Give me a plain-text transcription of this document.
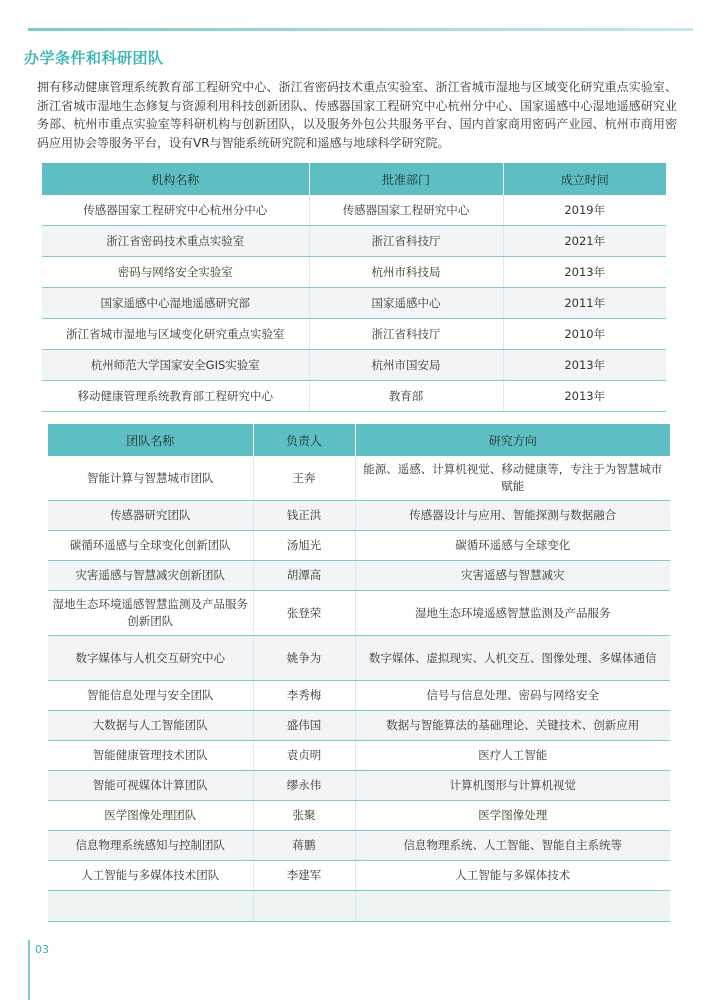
办学条件和科研团队
拥有移动健康管理系统教育部工程研究中心、浙江省密码技术重点实验室、浙江省城市湿地与区域变化研究重点实验室、浙江省城市湿地生态修复与资源利用科技创新团队、传感器国家工程研究中心杭州分中心、国家遥感中心湿地遥感研究业务部、杭州市重点实验室等科研机构与创新团队，以及服务外包公共服务平台、国内首家商用密码产业园、杭州市商用密码应用协会等服务平台，设有VR与智能系统研究院和遥感与地球科学研究院。
机构名称	批准部门	成立时间
传感器国家工程研究中心杭州分中心	传感器国家工程研究中心	2019年
浙江省密码技术重点实验室	浙江省科技厅	2021年
密码与网络安全实验室	杭州市科技局	2013年
国家遥感中心湿地遥感研究部	国家遥感中心	2011年
浙江省城市湿地与区域变化研究重点实验室	浙江省科技厅	2010年
杭州师范大学国家安全GIS实验室	杭州市国安局	2013年
移动健康管理系统教育部工程研究中心	教育部	2013年
团队名称	负责人	研究方向
智能计算与智慧城市团队	王奔	能源、遥感、计算机视觉、移动健康等，专注于为智慧城市赋能
传感器研究团队	钱正洪	传感器设计与应用、智能探测与数据融合
碳循环遥感与全球变化创新团队	汤旭光	碳循环遥感与全球变化
灾害遥感与智慧减灾创新团队	胡潭高	灾害遥感与智慧减灾
湿地生态环境遥感智慧监测及产品服务创新团队	张登荣	湿地生态环境遥感智慧监测及产品服务
数字媒体与人机交互研究中心	姚争为	数字媒体、虚拟现实、人机交互、图像处理、多媒体通信
智能信息处理与安全团队	李秀梅	信号与信息处理、密码与网络安全
大数据与人工智能团队	盛伟国	数据与智能算法的基础理论、关键技术、创新应用
智能健康管理技术团队	袁贞明	医疗人工智能
智能可视媒体计算团队	缪永伟	计算机图形与计算机视觉
医学图像处理团队	张聚	医学图像处理
信息物理系统感知与控制团队	蒋鹏	信息物理系统、人工智能、智能自主系统等
人工智能与多媒体技术团队	李建军	人工智能与多媒体技术

03
